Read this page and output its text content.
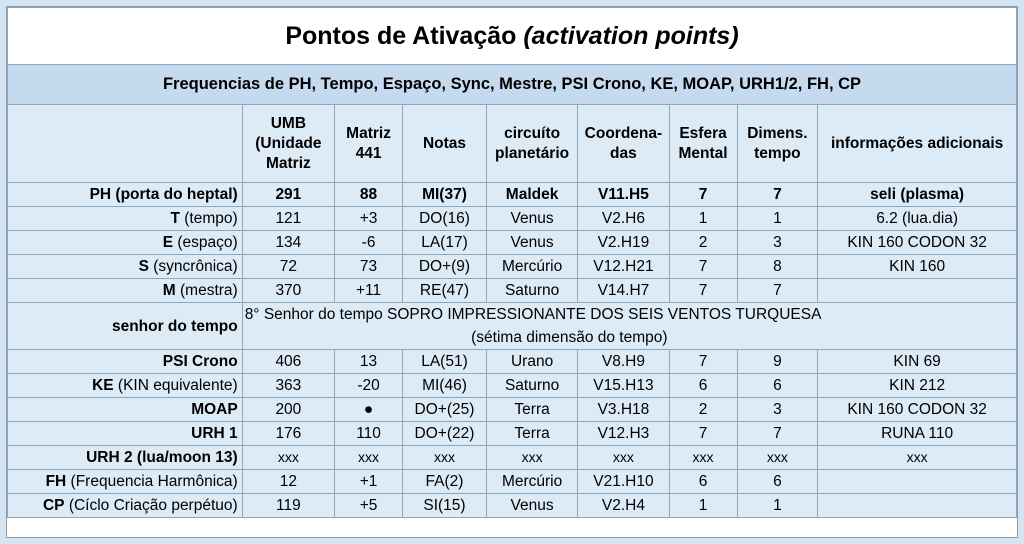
Pontos de Ativação (activation points)								
Frequencias de PH, Tempo, Espaço, Sync, Mestre, PSI Crono, KE, MOAP, URH1/2, FH, CP								
	UMB (Unidade Matriz	Matriz 441	Notas	circuíto planetário	Coordena-das	Esfera Mental	Dimens. tempo	informações adicionais
PH (porta do heptal)	291	88	MI(37)	Maldek	V11.H5	7	7	seli (plasma)
T (tempo)	121	+3	DO(16)	Venus	V2.H6	1	1	6.2 (lua.dia)
E (espaço)	134	-6	LA(17)	Venus	V2.H19	2	3	KIN 160 CODON 32
S (syncrônica)	72	73	DO+(9)	Mercúrio	V12.H21	7	8	KIN 160
M (mestra)	370	+11	RE(47)	Saturno	V14.H7	7	7	
senhor do tempo	8° Senhor do tempo SOPRO IMPRESSIONANTE DOS SEIS VENTOS TURQUESA
(sétima dimensão do tempo)							

PSI Crono	406	13	LA(51)	Urano	V8.H9	7	9	KIN 69
KE (KIN equivalente)	363	-20	MI(46)	Saturno	V15.H13	6	6	KIN 212
MOAP	200	●	DO+(25)	Terra	V3.H18	2	3	KIN 160 CODON 32
URH 1	176	110	DO+(22)	Terra	V12.H3	7	7	RUNA 110
URH 2 (lua/moon 13)	xxx	xxx	xxx	xxx	xxx	xxx	xxx	xxx
FH (Frequencia Harmônica)	12	+1	FA(2)	Mercúrio	V21.H10	6	6	
CP (Cíclo Criação perpétuo)	119	+5	SI(15)	Venus	V2.H4	1	1	
